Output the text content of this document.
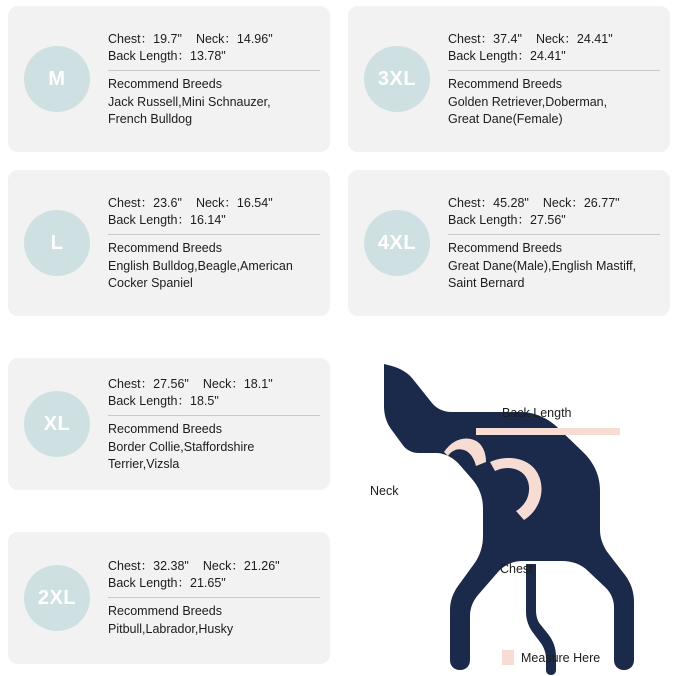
M
Chest：19.7" Neck：14.96"
Back Length：13.78"
Recommend Breeds
Jack Russell,Mini Schnauzer,
French Bulldog
3XL
Chest：37.4" Neck：24.41"
Back Length：24.41"
Recommend Breeds
Golden Retriever,Doberman,
Great Dane(Female)
L
Chest：23.6" Neck：16.54"
Back Length：16.14"
Recommend Breeds
English Bulldog,Beagle,American
Cocker Spaniel
4XL
Chest：45.28" Neck：26.77"
Back Length：27.56"
Recommend Breeds
Great Dane(Male),English Mastiff,
Saint Bernard
XL
Chest：27.56" Neck：18.1"
Back Length：18.5"
Recommend Breeds
Border Collie,Staffordshire
Terrier,Vizsla
2XL
Chest：32.38" Neck：21.26"
Back Length：21.65"
Recommend Breeds
Pitbull,Labrador,Husky
Back Length
Neck
Chest
Measure Here
